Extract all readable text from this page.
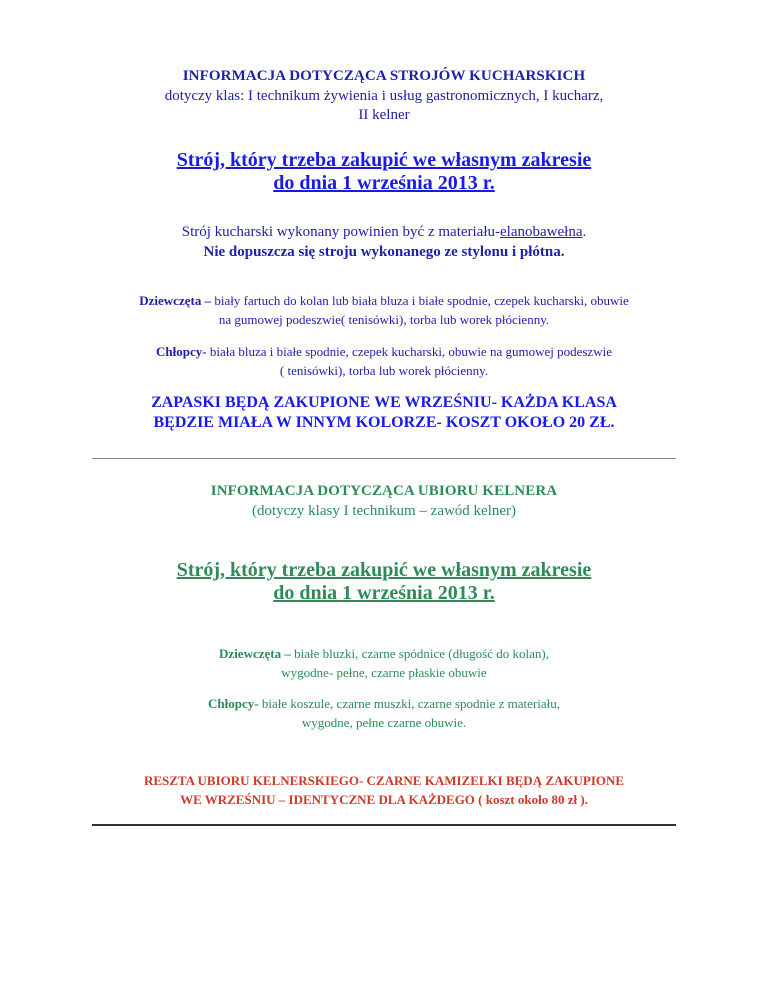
INFORMACJA DOTYCZĄCA STROJÓW KUCHARSKICH
dotyczy klas: I technikum żywienia i usług gastronomicznych, I kucharz,
II kelner
Strój, który trzeba zakupić we własnym zakresie
do dnia 1 września 2013 r.
Strój kucharski wykonany powinien być z materiału-elanobawełna.
Nie dopuszcza się stroju wykonanego ze stylonu i płótna.
Dziewczęta – biały fartuch do kolan lub biała bluza i białe spodnie, czepek kucharski, obuwie
na gumowej podeszwie( tenisówki), torba lub worek płócienny.
Chłopcy- biała bluza i białe spodnie, czepek kucharski, obuwie na gumowej podeszwie
( tenisówki), torba lub worek płócienny.
ZAPASKI BĘDĄ ZAKUPIONE WE WRZEŚNIU- KAŻDA KLASA
BĘDZIE MIAŁA W INNYM KOLORZE- KOSZT OKOŁO 20 ZŁ.
INFORMACJA DOTYCZĄCA UBIORU KELNERA
(dotyczy klasy I technikum – zawód kelner)
Strój, który trzeba zakupić we własnym zakresie
do dnia 1 września 2013 r.
Dziewczęta – białe bluzki, czarne spódnice (długość do kolan),
wygodne- pełne, czarne płaskie obuwie
Chłopcy- białe koszule, czarne muszki, czarne spodnie z materiału,
wygodne, pełne czarne obuwie.
RESZTA UBIORU KELNERSKIEGO- CZARNE KAMIZELKI BĘDĄ ZAKUPIONE
WE WRZEŚNIU – IDENTYCZNE DLA KAŻDEGO ( koszt około 80 zł ).
